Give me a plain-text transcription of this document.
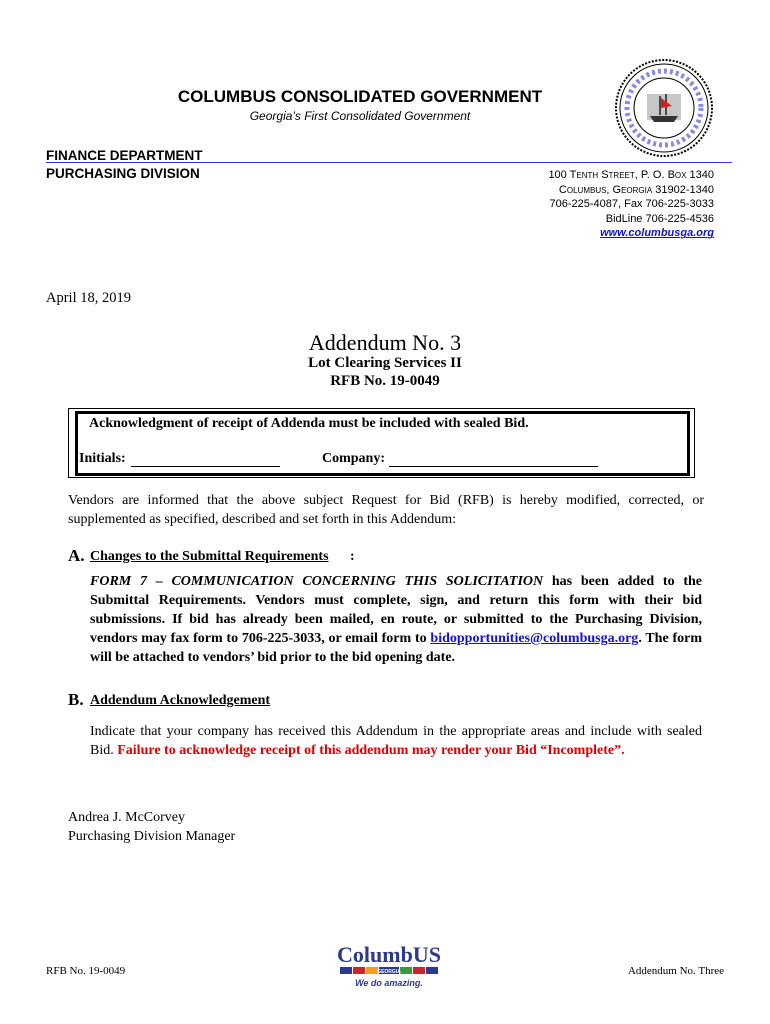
COLUMBUS CONSOLIDATED GOVERNMENT
Georgia’s First Consolidated Government
FINANCE DEPARTMENT
PURCHASING DIVISION	100 Tenth Street, P. O. Box 1340
Columbus, Georgia 31902-1340
706-225-4087, Fax 706-225-3033
BidLine 706-225-4536
www.columbusga.org
April 18, 2019
Addendum No. 3
Lot Clearing Services II
RFB No. 19-0049
Acknowledgment of receipt of Addenda must be included with sealed Bid.
Initials:	Company:
Vendors are informed that the above subject Request for Bid (RFB) is hereby modified, corrected, or supplemented as specified, described and set forth in this Addendum:
A. Changes to the Submittal Requirements :
FORM 7 – COMMUNICATION CONCERNING THIS SOLICITATION has been added to the Submittal Requirements. Vendors must complete, sign, and return this form with their bid submissions. If bid has already been mailed, en route, or submitted to the Purchasing Division, vendors may fax form to 706-225-3033, or email form to bidopportunities@columbusga.org. The form will be attached to vendors’ bid prior to the bid opening date.
B. Addendum Acknowledgement
Indicate that your company has received this Addendum in the appropriate areas and include with sealed Bid. Failure to acknowledge receipt of this addendum may render your Bid “Incomplete”.
Andrea J. McCorvey
Purchasing Division Manager
RFB No. 19-0049	Addendum No. Three
ColumbUS
GEORGIA
We do amazing.
